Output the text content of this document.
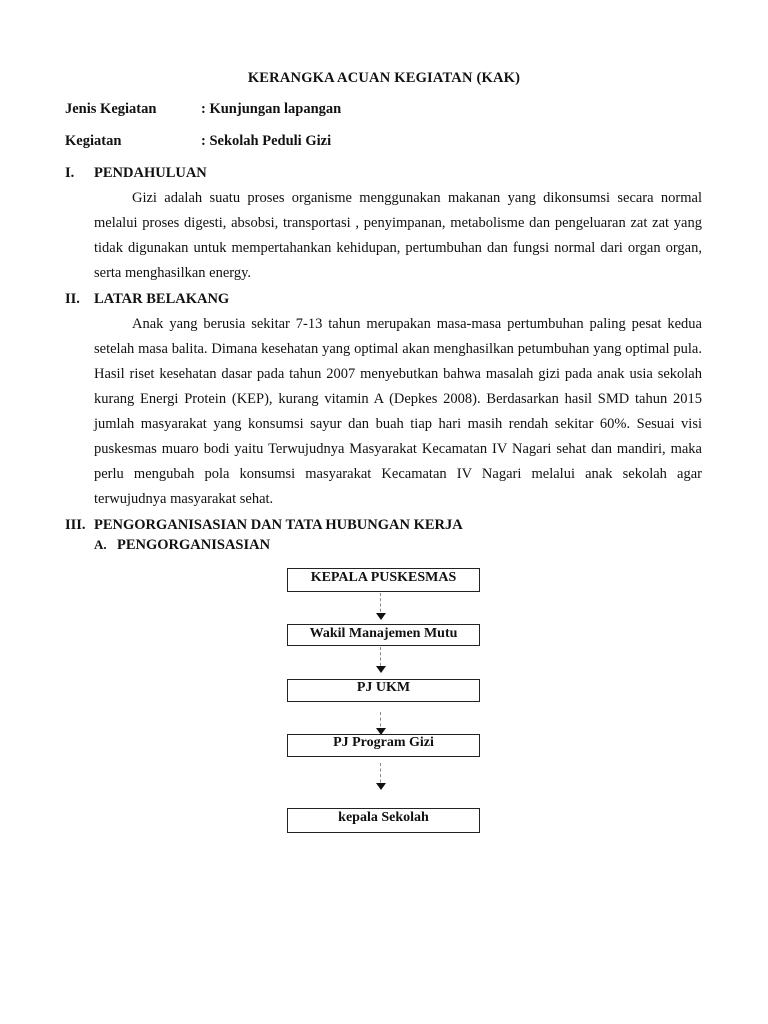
KERANGKA ACUAN KEGIATAN (KAK)
Jenis Kegiatan	: Kunjungan lapangan
Kegiatan	: Sekolah Peduli Gizi
I. PENDAHULUAN

Gizi adalah suatu proses organisme menggunakan makanan yang dikonsumsi secara normal melalui proses digesti, absobsi, transportasi , penyimpanan, metabolisme dan pengeluaran zat zat yang tidak digunakan untuk mempertahankan kehidupan, pertumbuhan dan fungsi normal dari organ organ, serta menghasilkan energy.

II. LATAR BELAKANG

Anak yang berusia sekitar 7-13 tahun merupakan masa-masa pertumbuhan paling pesat kedua setelah masa balita. Dimana kesehatan yang optimal akan menghasilkan petumbuhan yang optimal pula. Hasil riset kesehatan dasar pada tahun 2007 menyebutkan bahwa masalah gizi pada anak usia sekolah kurang Energi Protein (KEP), kurang vitamin A (Depkes 2008). Berdasarkan hasil SMD tahun 2015 jumlah masyarakat yang konsumsi sayur dan buah tiap hari masih rendah sekitar 60%. Sesuai visi puskesmas muaro bodi yaitu Terwujudnya Masyarakat Kecamatan IV Nagari sehat dan mandiri, maka perlu mengubah pola konsumsi masyarakat Kecamatan IV Nagari melalui anak sekolah agar terwujudnya masyarakat sehat.

III. PENGORGANISASIAN DAN TATA HUBUNGAN KERJA
A. PENGORGANISASIAN
KEPALA PUSKESMAS
Wakil Manajemen Mutu
PJ UKM
PJ Program Gizi
kepala Sekolah
